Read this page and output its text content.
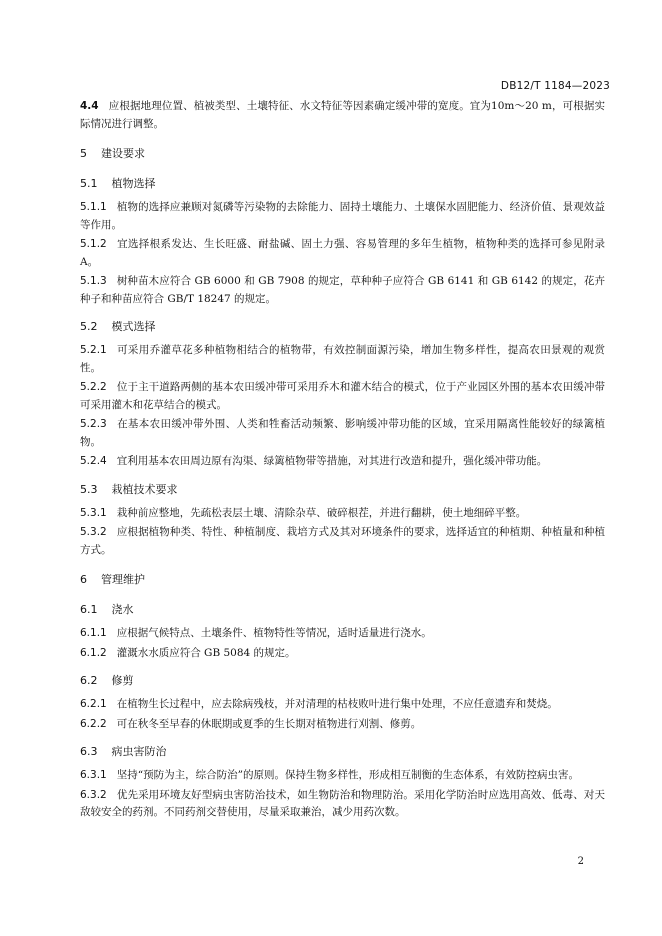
DB12/T 1184—2023

4.4 应根据地理位置、植被类型、土壤特征、水文特征等因素确定缓冲带的宽度。宜为10m～20 m，可根据实际情况进行调整。

5 建设要求
5.1 植物选择

5.1.1 植物的选择应兼顾对氮磷等污染物的去除能力、固持土壤能力、土壤保水固肥能力、经济价值、景观效益等作用。

5.1.2 宜选择根系发达、生长旺盛、耐盐碱、固土力强、容易管理的多年生植物，植物种类的选择可参见附录A。

5.1.3 树种苗木应符合 GB 6000 和 GB 7908 的规定，草种种子应符合 GB 6141 和 GB 6142 的规定，花卉种子和种苗应符合 GB/T 18247 的规定。

5.2 模式选择

5.2.1 可采用乔灌草花多种植物相结合的植物带，有效控制面源污染，增加生物多样性，提高农田景观的观赏性。

5.2.2 位于主干道路两侧的基本农田缓冲带可采用乔木和灌木结合的模式，位于产业园区外围的基本农田缓冲带可采用灌木和花草结合的模式。

5.2.3 在基本农田缓冲带外围、人类和牲畜活动频繁、影响缓冲带功能的区域，宜采用隔离性能较好的绿篱植物。

5.2.4 宜利用基本农田周边原有沟渠、绿篱植物带等措施，对其进行改造和提升，强化缓冲带功能。

5.3 栽植技术要求

5.3.1 栽种前应整地，先疏松表层土壤、清除杂草、破碎根茬，并进行翻耕，使土地细碎平整。

5.3.2 应根据植物种类、特性、种植制度、栽培方式及其对环境条件的要求，选择适宜的种植期、种植量和种植方式。

6 管理维护
6.1 浇水

6.1.1 应根据气候特点、土壤条件、植物特性等情况，适时适量进行浇水。

6.1.2 灌溉水水质应符合 GB 5084 的规定。

6.2 修剪

6.2.1 在植物生长过程中，应去除病残枝，并对清理的枯枝败叶进行集中处理，不应任意遗弃和焚烧。

6.2.2 可在秋冬至早春的休眠期或夏季的生长期对植物进行刈割、修剪。

6.3 病虫害防治

6.3.1 坚持“预防为主，综合防治”的原则。保持生物多样性，形成相互制衡的生态体系，有效防控病虫害。

6.3.2 优先采用环境友好型病虫害防治技术，如生物防治和物理防治。采用化学防治时应选用高效、低毒、对天敌较安全的药剂。不同药剂交替使用，尽量采取兼治，减少用药次数。

2
